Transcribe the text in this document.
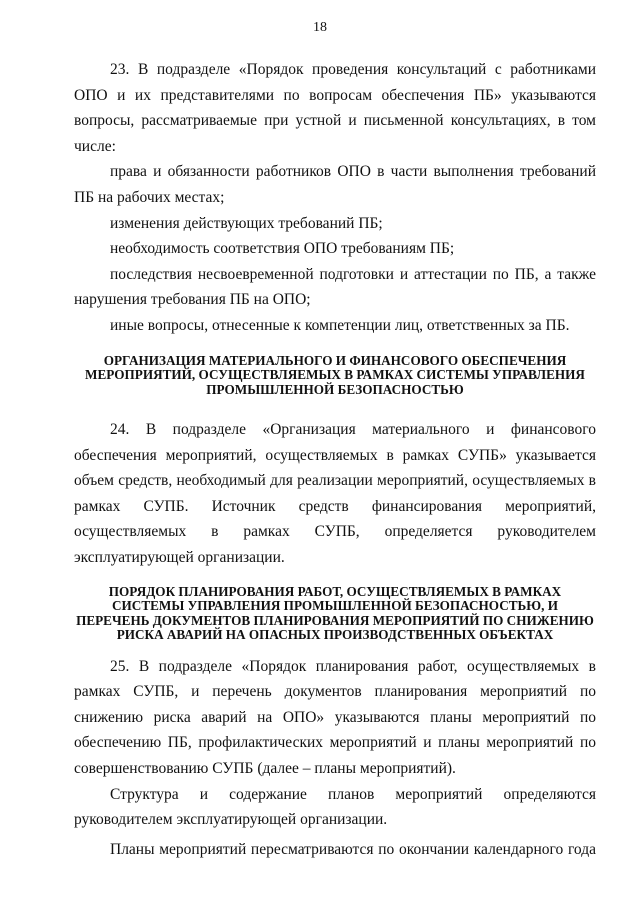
18

23. В подразделе «Порядок проведения консультаций с работниками ОПО и их представителями по вопросам обеспечения ПБ» указываются вопросы, рассматриваемые при устной и письменной консультациях, в том числе:

права и обязанности работников ОПО в части выполнения требований ПБ на рабочих местах;

изменения действующих требований ПБ;

необходимость соответствия ОПО требованиям ПБ;

последствия несвоевременной подготовки и аттестации по ПБ, а также нарушения требования ПБ на ОПО;

иные вопросы, отнесенные к компетенции лиц, ответственных за ПБ.

ОРГАНИЗАЦИЯ МАТЕРИАЛЬНОГО И ФИНАНСОВОГО ОБЕСПЕЧЕНИЯ МЕРОПРИЯТИЙ, ОСУЩЕСТВЛЯЕМЫХ В РАМКАХ СИСТЕМЫ УПРАВЛЕНИЯ ПРОМЫШЛЕННОЙ БЕЗОПАСНОСТЬЮ

24. В подразделе «Организация материального и финансового обеспечения мероприятий, осуществляемых в рамках СУПБ» указывается объем средств, необходимый для реализации мероприятий, осуществляемых в рамках СУПБ. Источник средств финансирования мероприятий, осуществляемых в рамках СУПБ, определяется руководителем эксплуатирующей организации.

ПОРЯДОК ПЛАНИРОВАНИЯ РАБОТ, ОСУЩЕСТВЛЯЕМЫХ В РАМКАХ СИСТЕМЫ УПРАВЛЕНИЯ ПРОМЫШЛЕННОЙ БЕЗОПАСНОСТЬЮ, И ПЕРЕЧЕНЬ ДОКУМЕНТОВ ПЛАНИРОВАНИЯ МЕРОПРИЯТИЙ ПО СНИЖЕНИЮ РИСКА АВАРИЙ НА ОПАСНЫХ ПРОИЗВОДСТВЕННЫХ ОБЪЕКТАХ

25. В подразделе «Порядок планирования работ, осуществляемых в рамках СУПБ, и перечень документов планирования мероприятий по снижению риска аварий на ОПО» указываются планы мероприятий по обеспечению ПБ, профилактических мероприятий и планы мероприятий по совершенствованию СУПБ (далее – планы мероприятий).

Структура и содержание планов мероприятий определяются руководителем эксплуатирующей организации.

Планы мероприятий пересматриваются по окончании календарного года
